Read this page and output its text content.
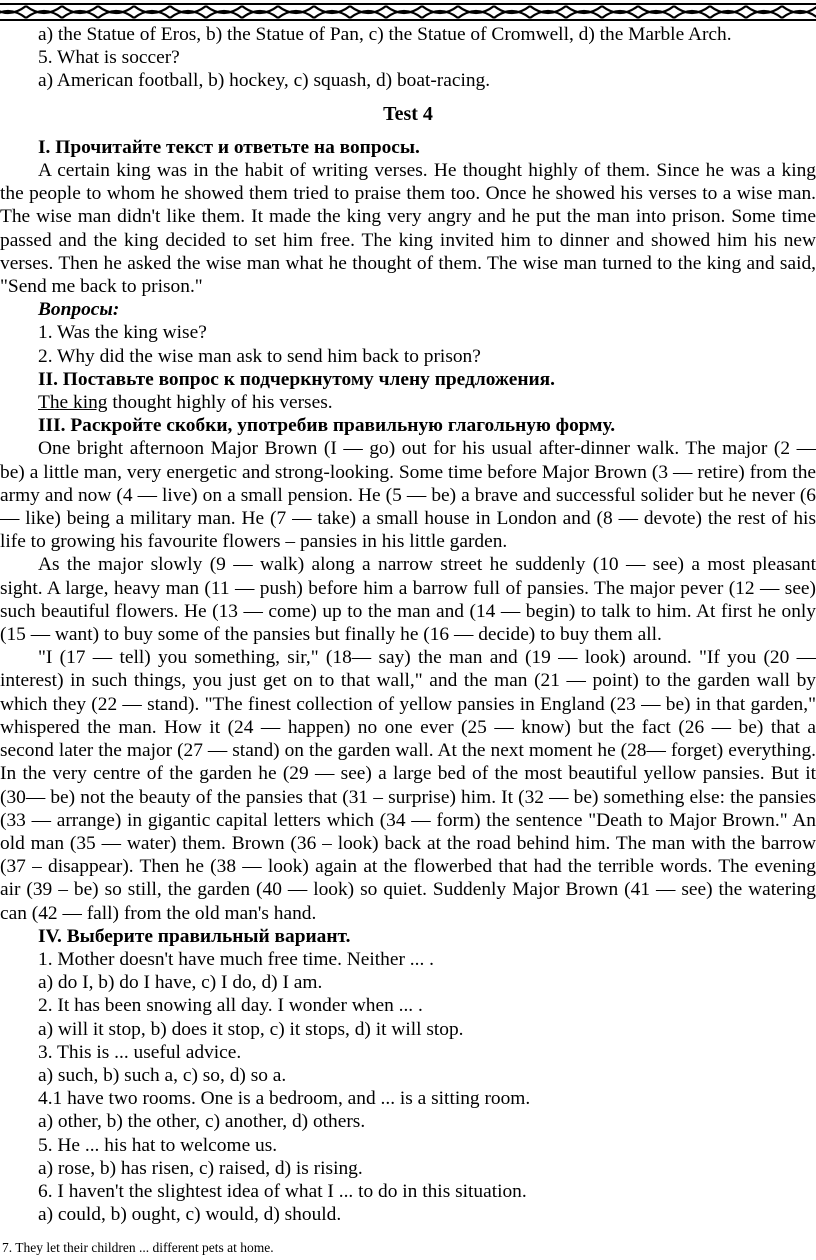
a) the Statue of Eros, b) the Statue of Pan, c) the Statue of Cromwell, d) the Marble Arch.
5. What is soccer?
a) American football, b) hockey, c) squash, d) boat-racing.
Test 4
I. Прочитайте текст и ответьте на вопросы.

A certain king was in the habit of writing verses. He thought highly of them. Since he was a king the people to whom he showed them tried to praise them too. Once he showed his verses to a wise man. The wise man didn't like them. It made the king very angry and he put the man into prison. Some time passed and the king decided to set him free. The king invited him to dinner and showed him his new verses. Then he asked the wise man what he thought of them. The wise man turned to the king and said, "Send me back to prison."

Вопросы:
1. Was the king wise?
2. Why did the wise man ask to send him back to prison?
II. Поставьте вопрос к подчеркнутому члену предложения.
The king thought highly of his verses.
III. Раскройте скобки, употребив правильную глагольную форму.

One bright afternoon Major Brown (I — go) out for his usual after-dinner walk. The major (2 — be) a little man, very energetic and strong-looking. Some time before Major Brown (3 — retire) from the army and now (4 — live) on a small pension. He (5 — be) a brave and successful solider but he never (6 — like) being a military man. He (7 — take) a small house in London and (8 — devote) the rest of his life to growing his favourite flowers – pansies in his little garden.

As the major slowly (9 — walk) along a narrow street he suddenly (10 — see) a most pleasant sight. A large, heavy man (11 — push) before him a barrow full of pansies. The major pever (12 — see) such beautiful flowers. He (13 — come) up to the man and (14 — begin) to talk to him. At first he only (15 — want) to buy some of the pansies but finally he (16 — decide) to buy them all.

"I (17 — tell) you something, sir," (18— say) the man and (19 — look) around. "If you (20 — interest) in such things, you just get on to that wall," and the man (21 — point) to the garden wall by which they (22 — stand). "The finest collection of yellow pansies in England (23 — be) in that garden," whispered the man. How it (24 — happen) no one ever (25 — know) but the fact (26 — be) that a second later the major (27 — stand) on the garden wall. At the next moment he (28— forget) everything. In the very centre of the garden he (29 — see) a large bed of the most beautiful yellow pansies. But it (30— be) not the beauty of the pansies that (31 – surprise) him. It (32 — be) something else: the pansies (33 — arrange) in gigantic capital letters which (34 — form) the sentence "Death to Major Brown." An old man (35 — water) them. Brown (36 – look) back at the road behind him. The man with the barrow (37 – disappear). Then he (38 — look) again at the flowerbed that had the terrible words. The evening air (39 – be) so still, the garden (40 — look) so quiet. Suddenly Major Brown (41 — see) the watering can (42 — fall) from the old man's hand.

IV. Выберите правильный вариант.
1. Mother doesn't have much free time. Neither ... .
a) do I, b) do I have, c) I do, d) I am.
2. It has been snowing all day. I wonder when ... .
a) will it stop, b) does it stop, c) it stops, d) it will stop.
3. This is ... useful advice.
a) such, b) such a, c) so, d) so a.
4.1 have two rooms. One is a bedroom, and ... is a sitting room.
a) other, b) the other, c) another, d) others.
5. He ... his hat to welcome us.
a) rose, b) has risen, c) raised, d) is rising.
6. I haven't the slightest idea of what I ... to do in this situation.
a) could, b) ought, c) would, d) should.
7. They let their children ... different pets at home.
